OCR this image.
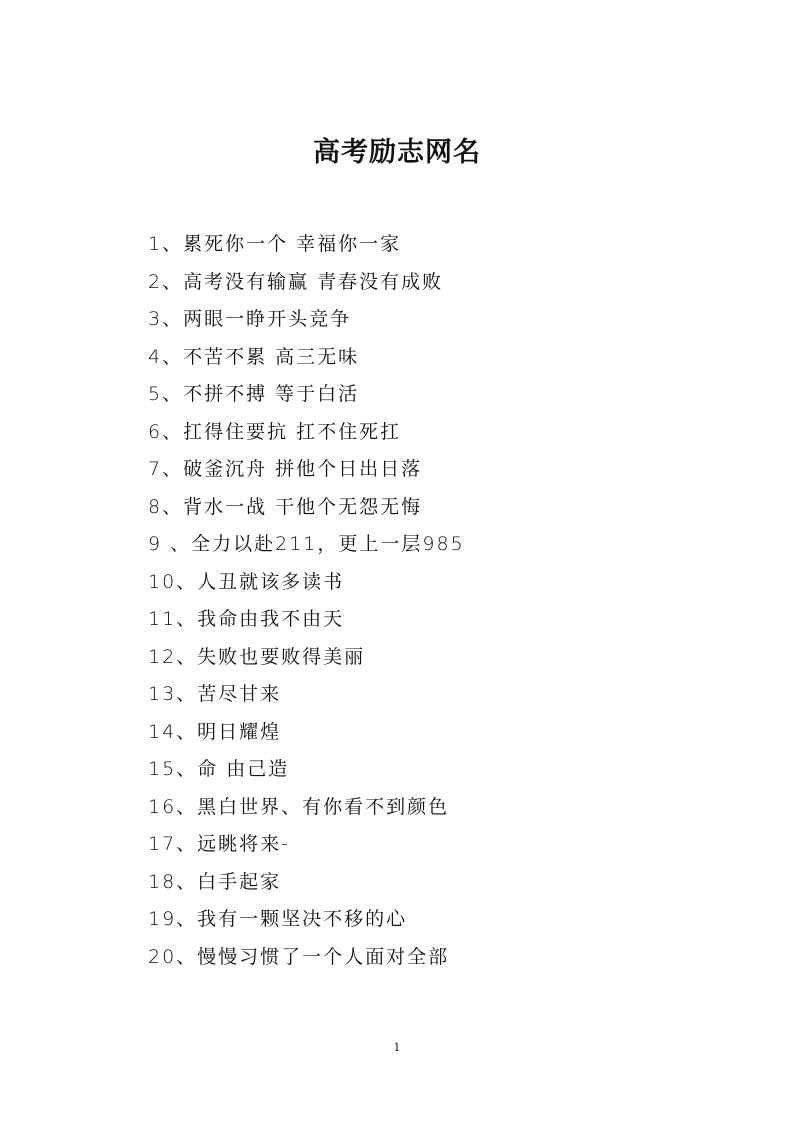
高考励志网名
1、累死你一个 幸福你一家
2、高考没有输赢 青春没有成败
3、两眼一睁开头竞争
4、不苦不累 高三无味
5、不拼不搏 等于白活
6、扛得住要抗 扛不住死扛
7、破釜沉舟 拼他个日出日落
8、背水一战 干他个无怨无悔
9 、全力以赴211，更上一层985
10、人丑就该多读书
11、我命由我不由天
12、失败也要败得美丽
13、苦尽甘来
14、明日耀煌
15、命 由己造
16、黑白世界、有你看不到颜色
17、远眺将来-
18、白手起家
19、我有一颗坚决不移的心
20、慢慢习惯了一个人面对全部
1
